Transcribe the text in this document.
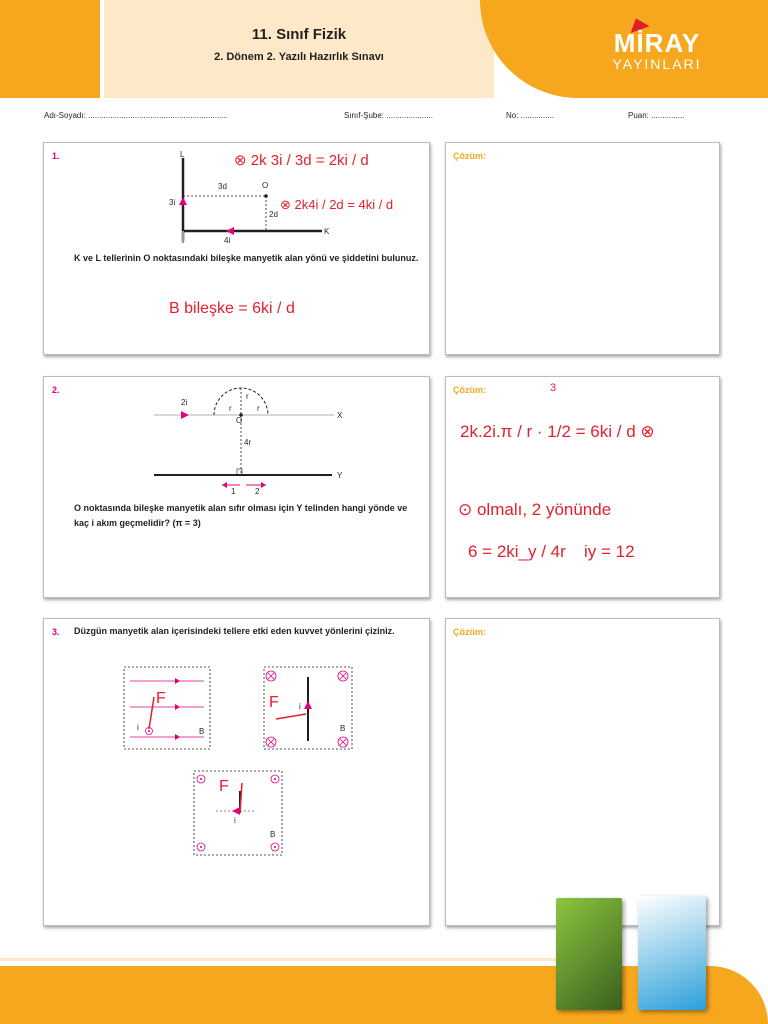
11. Sınıf Fizik
2. Dönem 2. Yazılı Hazırlık Sınavı	MİRAY
YAYINLARI
Adı-Soyadı: ...............................................................	Sınıf-Şube: .....................	No: ...............	Puan: ...............
1.	L
K
O
3d
2d
3i
4i
⊗ 2k 3i / 3d = 2ki / d
⊗ 2k4i / 2d = 4ki / d
B bileşke = 6ki / d
K ve L tellerinin O noktasındaki bileşke manyetik alan yönü ve şiddetini bulunuz.
Çözüm:
2.
2i
O
r	r
r
4r
X
Y
1 2
O noktasında bileşke manyetik alan sıfır olması için Y telinden hangi yönde ve kaç i akım geçmelidir? (π = 3)
Çözüm:	3
2k.2i.π / r · 1/2 = 6ki / d ⊗
⊙ olmalı, 2 yönünde
6 = 2ki_y / 4r iy = 12
3. Düzgün manyetik alan içerisindeki tellere etki eden kuvvet yönlerini çiziniz.
i	B
F	i
B
F
i
B
F
Çözüm:
